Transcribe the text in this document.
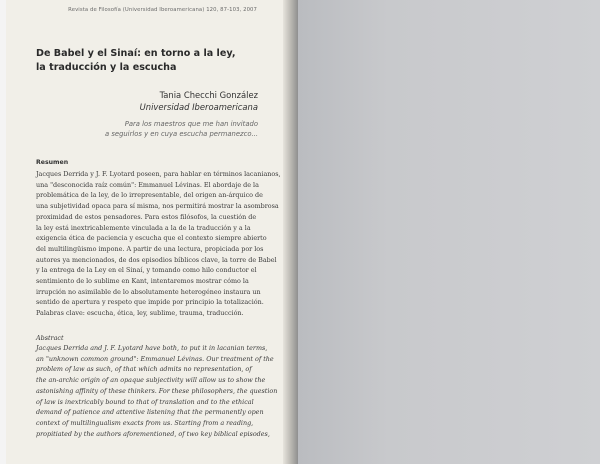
Revista de Filosofía (Universidad Iberoamericana) 120, 87-103, 2007
De Babel y el Sinaí: en torno a la ley,
la traducción y la escucha
Tania Checchi González
Universidad Iberoamericana
Para los maestros que me han invitado
a seguirlos y en cuya escucha permanezco...
Resumen
Jacques Derrida y J. F. Lyotard poseen, para hablar en términos lacanianos,
una "desconocida raíz común": Emmanuel Lévinas. El abordaje de la
problemática de la ley, de lo irrepresentable, del origen an-árquico de
una subjetividad opaca para sí misma, nos permitirá mostrar la asombrosa
proximidad de estos pensadores. Para estos filósofos, la cuestión de
la ley está inextricablemente vinculada a la de la traducción y a la
exigencia ética de paciencia y escucha que el contexto siempre abierto
del multilingüismo impone. A partir de una lectura, propiciada por los
autores ya mencionados, de dos episodios bíblicos clave, la torre de Babel
y la entrega de la Ley en el Sinaí, y tomando como hilo conductor el
sentimiento de lo sublime en Kant, intentaremos mostrar cómo la
irrupción no asimilable de lo absolutamente heterogéneo instaura un
sentido de apertura y respeto que impide por principio la totalización.
Palabras clave: escucha, ética, ley, sublime, trauma, traducción.
Abstract
Jacques Derrida and J. F. Lyotard have both, to put it in lacanian terms,
an "unknown common ground": Emmanuel Lévinas. Our treatment of the
problem of law as such, of that which admits no representation, of
the an-archic origin of an opaque subjectivity will allow us to show the
astonishing affinity of these thinkers. For these philosophers, the question
of law is inextricably bound to that of translation and to the ethical
demand of patience and attentive listening that the permanently open
context of multilingualism exacts from us. Starting from a reading,
propitiated by the authors aforementioned, of two key biblical episodes,
